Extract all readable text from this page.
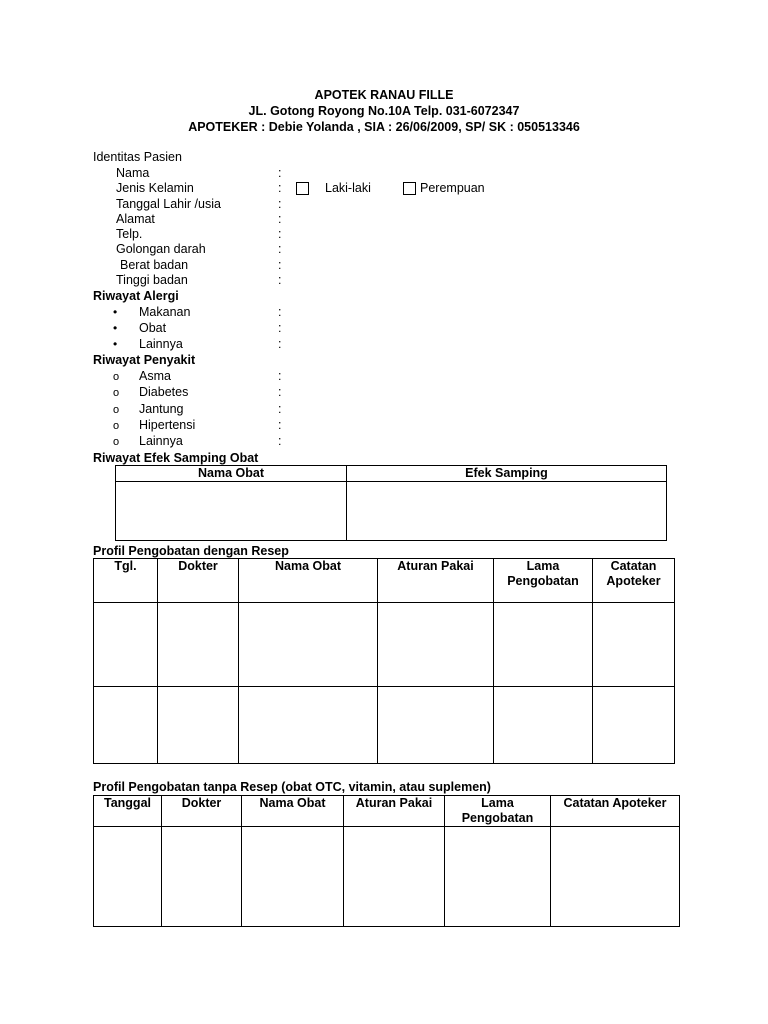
APOTEK RANAU FILLE
JL. Gotong Royong No.10A Telp. 031-6072347
APOTEKER : Debie Yolanda , SIA : 26/06/2009, SP/ SK : 050513346
Identitas Pasien
Nama	:
Jenis Kelamin	:	Laki-laki	Perempuan
Tanggal Lahir /usia	:
Alamat	:
Telp.	:
Golongan darah	:
Berat badan	:
Tinggi badan	:
Riwayat Alergi
• Makanan	:
• Obat	:
• Lainnya	:
Riwayat Penyakit
o Asma	:
o Diabetes	:
o Jantung	:
o Hipertensi	:
o Lainnya	:
Riwayat Efek Samping Obat
Nama Obat	Efek Samping

Profil Pengobatan dengan Resep
Tgl.	Dokter	Nama Obat	Aturan Pakai	Lama Pengobatan	Catatan Apoteker

Profil Pengobatan tanpa Resep (obat OTC, vitamin, atau suplemen)
Tanggal	Dokter	Nama Obat	Aturan Pakai	Lama Pengobatan	Catatan Apoteker
